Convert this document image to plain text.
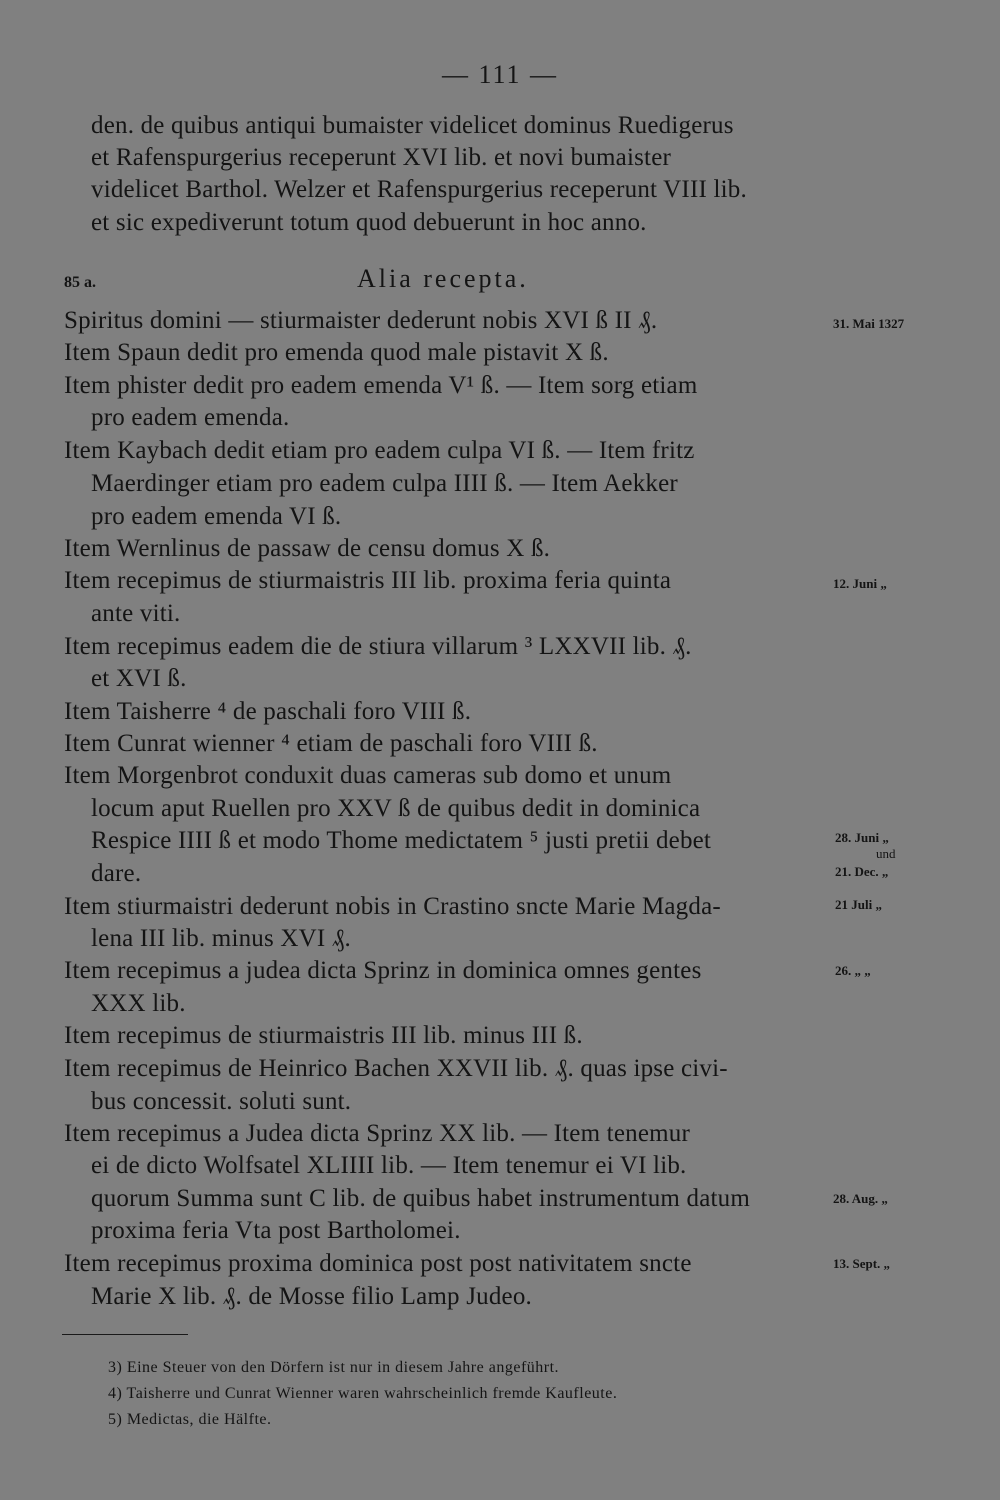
— 111 —
den. de quibus antiqui bumaister videlicet dominus Ruedigerus
et Rafenspurgerius receperunt XVI lib. et novi bumaister
videlicet Barthol. Welzer et Rafenspurgerius receperunt VIII lib.
et sic expediverunt totum quod debuerunt in hoc anno.
85 a.	Alia recepta.
Spiritus domini — stiurmaister dederunt nobis XVI ß II ₰.
Item Spaun dedit pro emenda quod male pistavit X ß.
Item phister dedit pro eadem emenda V¹ ß. — Item sorg etiam
pro eadem emenda.
Item Kaybach dedit etiam pro eadem culpa VI ß. — Item fritz
Maerdinger etiam pro eadem culpa IIII ß. — Item Aekker
pro eadem emenda VI ß.
Item Wernlinus de passaw de censu domus X ß.
Item recepimus de stiurmaistris III lib. proxima feria quinta
ante viti.
Item recepimus eadem die de stiura villarum ³ LXXVII lib. ₰.
et XVI ß.
Item Taisherre ⁴ de paschali foro VIII ß.
Item Cunrat wienner ⁴ etiam de paschali foro VIII ß.
Item Morgenbrot conduxit duas cameras sub domo et unum
locum aput Ruellen pro XXV ß de quibus dedit in dominica
Respice IIII ß et modo Thome medictatem ⁵ justi pretii debet
dare.
Item stiurmaistri dederunt nobis in Crastino sncte Marie Magda-
lena III lib. minus XVI ₰.
Item recepimus a judea dicta Sprinz in dominica omnes gentes
XXX lib.
Item recepimus de stiurmaistris III lib. minus III ß.
Item recepimus de Heinrico Bachen XXVII lib. ₰. quas ipse civi-
bus concessit. soluti sunt.
Item recepimus a Judea dicta Sprinz XX lib. — Item tenemur
ei de dicto Wolfsatel XLIIII lib. — Item tenemur ei VI lib.
quorum Summa sunt C lib. de quibus habet instrumentum datum
proxima feria Vta post Bartholomei.
Item recepimus proxima dominica post post nativitatem sncte
Marie X lib. ₰. de Mosse filio Lamp Judeo.
31. Mai 1327
12. Juni „
28. Juni „
und
21. Dec. „
21 Juli „
26. „ „
28. Aug. „
13. Sept. „
3) Eine Steuer von den Dörfern ist nur in diesem Jahre angeführt.
4) Taisherre und Cunrat Wienner waren wahrscheinlich fremde Kaufleute.
5) Medictas, die Hälfte.
